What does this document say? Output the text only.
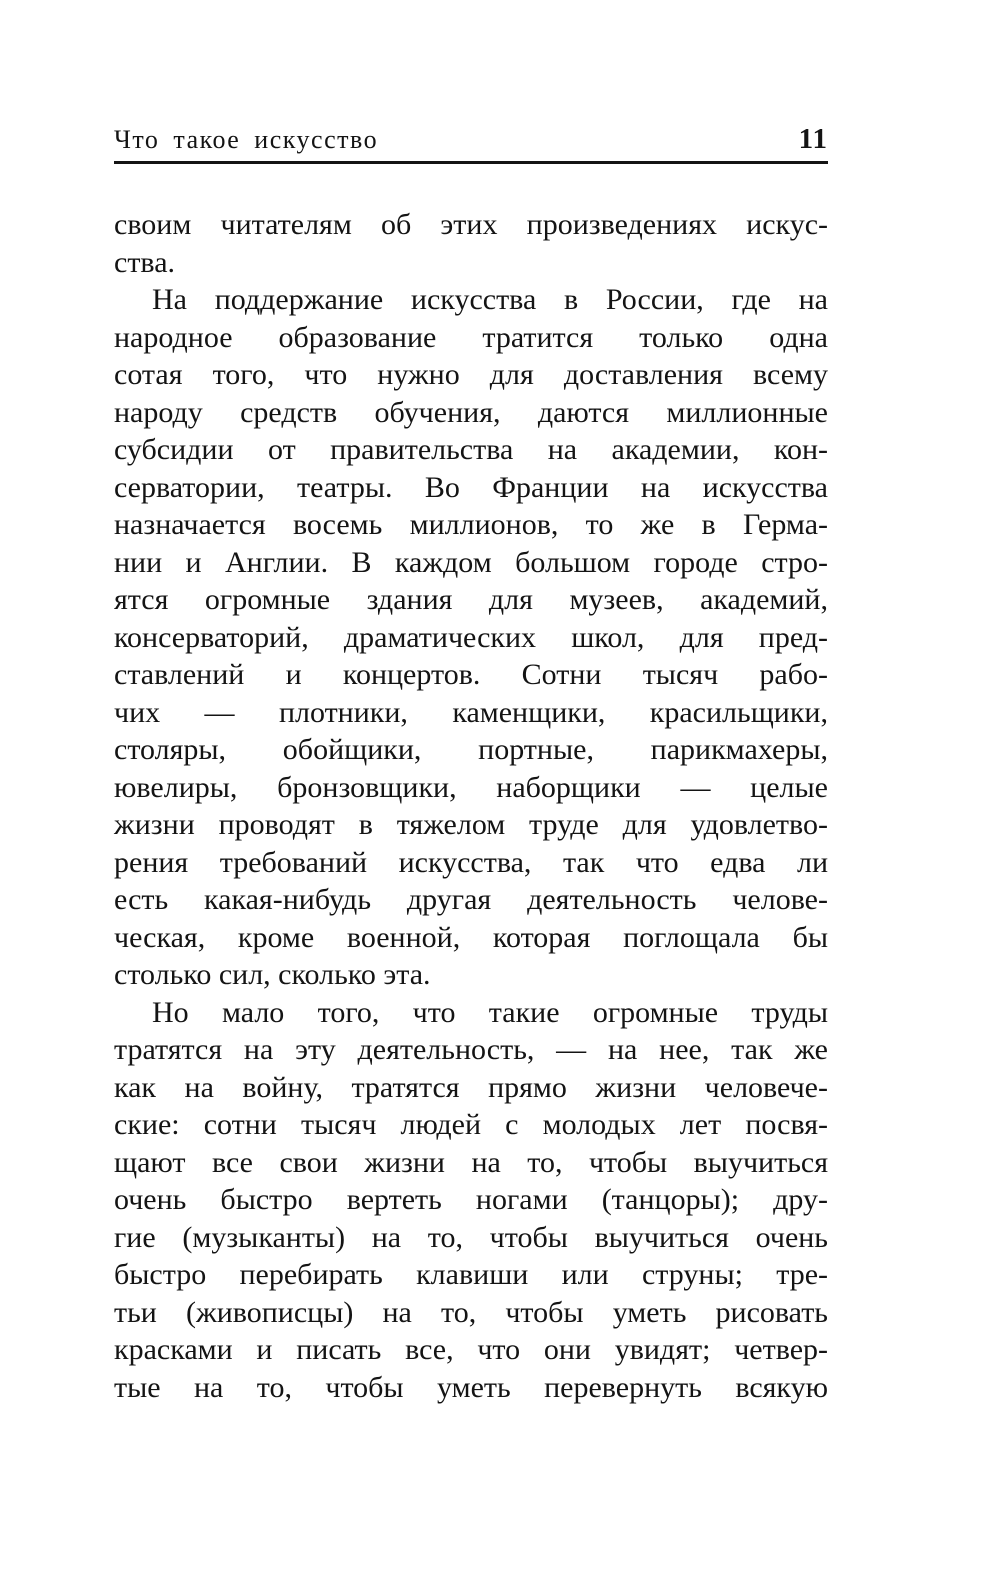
Что такое искусство	11

своим читателям об этих произведениях искус-

ства.

На поддержание искусства в России, где на

народное образование тратится только одна

сотая того, что нужно для доставления всему

народу средств обучения, даются миллионные

субсидии от правительства на академии, кон-

серватории, театры. Во Франции на искусства

назначается восемь миллионов, то же в Герма-

нии и Англии. В каждом большом городе стро-

ятся огромные здания для музеев, академий,

консерваторий, драматических школ, для пред-

ставлений и концертов. Сотни тысяч рабо-

чих — плотники, каменщики, красильщики,

столяры, обойщики, портные, парикмахеры,

ювелиры, бронзовщики, наборщики — целые

жизни проводят в тяжелом труде для удовлетво-

рения требований искусства, так что едва ли

есть какая-нибудь другая деятельность челове-

ческая, кроме военной, которая поглощала бы

столько сил, сколько эта.

Но мало того, что такие огромные труды

тратятся на эту деятельность, — на нее, так же

как на войну, тратятся прямо жизни человече-

ские: сотни тысяч людей с молодых лет посвя-

щают все свои жизни на то, чтобы выучиться

очень быстро вертеть ногами (танцоры); дру-

гие (музыканты) на то, чтобы выучиться очень

быстро перебирать клавиши или струны; тре-

тьи (живописцы) на то, чтобы уметь рисовать

красками и писать все, что они увидят; четвер-

тые на то, чтобы уметь перевернуть всякую
